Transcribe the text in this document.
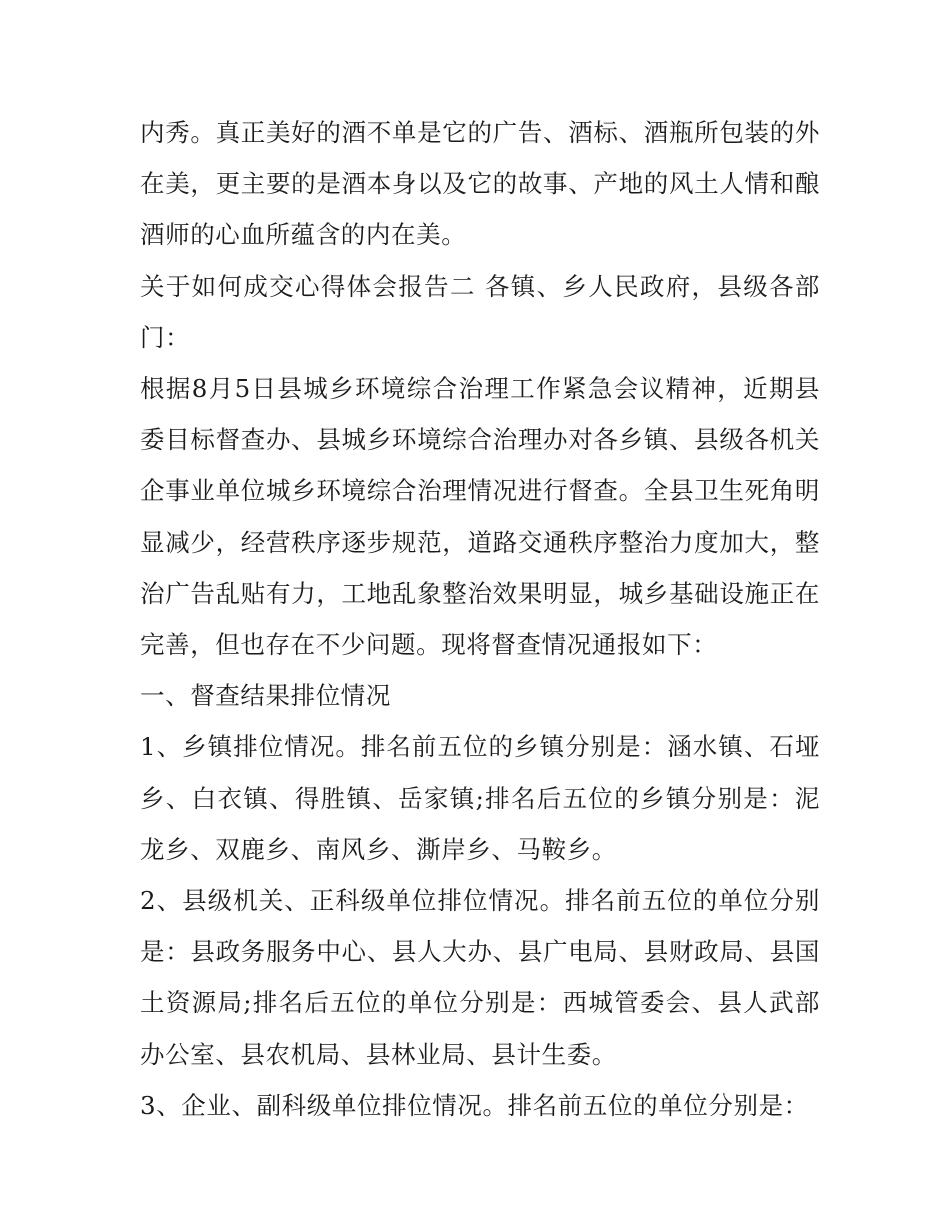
内秀。真正美好的酒不单是它的广告、酒标、酒瓶所包装的外在美，更主要的是酒本身以及它的故事、产地的风土人情和酿酒师的心血所蕴含的内在美。

关于如何成交心得体会报告二 各镇、乡人民政府，县级各部门：

根据8月5日县城乡环境综合治理工作紧急会议精神，近期县委目标督查办、县城乡环境综合治理办对各乡镇、县级各机关企事业单位城乡环境综合治理情况进行督查。全县卫生死角明显减少，经营秩序逐步规范，道路交通秩序整治力度加大，整治广告乱贴有力，工地乱象整治效果明显，城乡基础设施正在完善，但也存在不少问题。现将督查情况通报如下：

一、督查结果排位情况

1、乡镇排位情况。排名前五位的乡镇分别是：涵水镇、石垭乡、白衣镇、得胜镇、岳家镇;排名后五位的乡镇分别是：泥龙乡、双鹿乡、南风乡、澌岸乡、马鞍乡。

2、县级机关、正科级单位排位情况。排名前五位的单位分别是：县政务服务中心、县人大办、县广电局、县财政局、县国土资源局;排名后五位的单位分别是：西城管委会、县人武部办公室、县农机局、县林业局、县计生委。

3、企业、副科级单位排位情况。排名前五位的单位分别是：
